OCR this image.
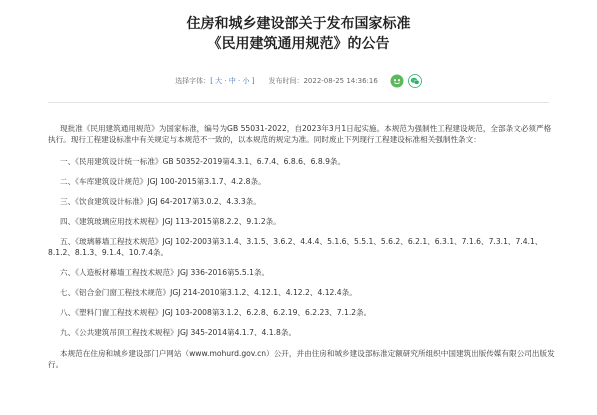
住房和城乡建设部关于发布国家标准
《民用建筑通用规范》的公告
选择字体：[ 大 · 中 · 小 ] 发布时间：2022-08-25 14:36:16

现批准《民用建筑通用规范》为国家标准，编号为GB 55031-2022，自2023年3月1日起实施。本规范为强制性工程建设规范，全部条文必须严格执行。现行工程建设标准中有关规定与本规范不一致的，以本规范的规定为准。同时废止下列现行工程建设标准相关强制性条文：

一、《民用建筑设计统一标准》GB 50352-2019第4.3.1、6.7.4、6.8.6、6.8.9条。

二、《车库建筑设计规范》JGJ 100-2015第3.1.7、4.2.8条。

三、《饮食建筑设计标准》JGJ 64-2017第3.0.2、4.3.3条。

四、《建筑玻璃应用技术规程》JGJ 113-2015第8.2.2、9.1.2条。

五、《玻璃幕墙工程技术规范》JGJ 102-2003第3.1.4、3.1.5、3.6.2、4.4.4、5.1.6、5.5.1、5.6.2、6.2.1、6.3.1、7.1.6、7.3.1、7.4.1、8.1.2、8.1.3、9.1.4、10.7.4条。

六、《人造板材幕墙工程技术规范》JGJ 336-2016第5.5.1条。

七、《铝合金门窗工程技术规范》JGJ 214-2010第3.1.2、4.12.1、4.12.2、4.12.4条。

八、《塑料门窗工程技术规程》JGJ 103-2008第3.1.2、6.2.8、6.2.19、6.2.23、7.1.2条。

九、《公共建筑吊顶工程技术规程》JGJ 345-2014第4.1.7、4.1.8条。

本规范在住房和城乡建设部门户网站（www.mohurd.gov.cn）公开，并由住房和城乡建设部标准定额研究所组织中国建筑出版传媒有限公司出版发行。
